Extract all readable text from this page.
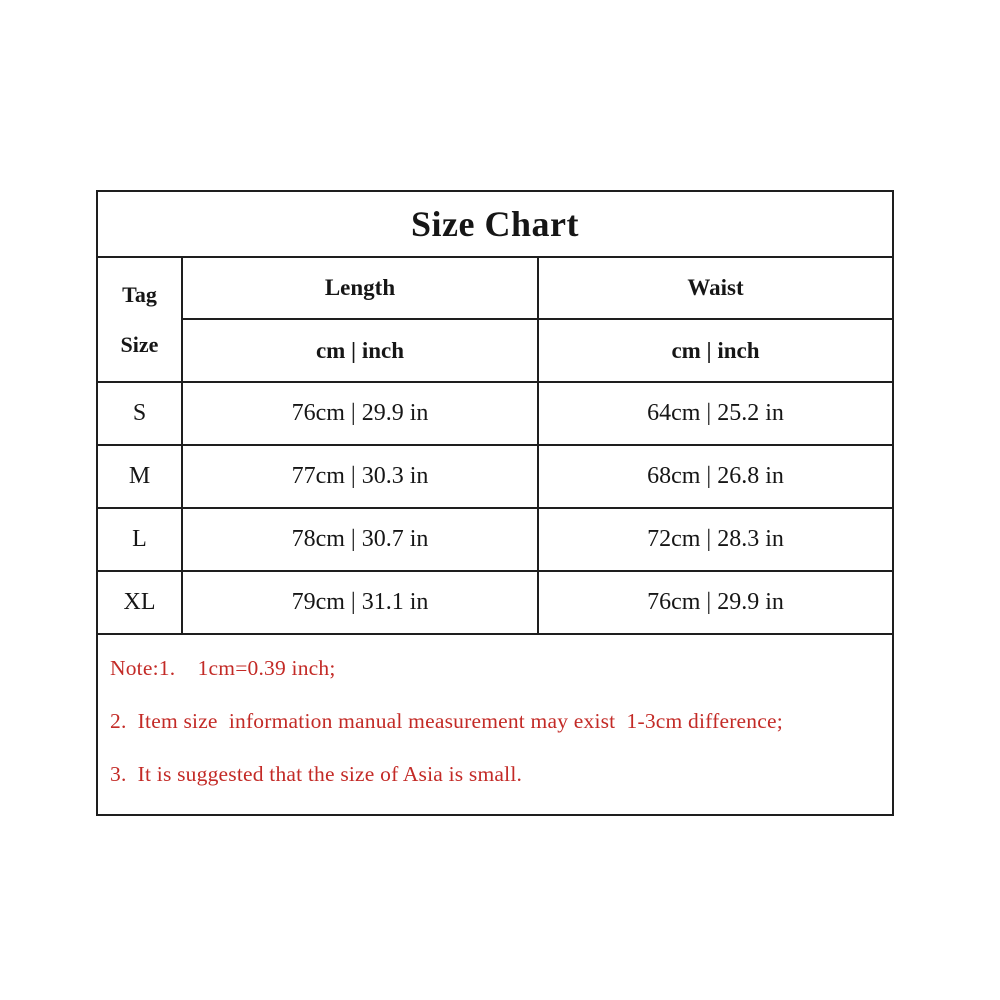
Size Chart		

Tag
Size	Length	Waist
	cm | inch	cm | inch
S	76cm | 29.9 in	64cm | 25.2 in
M	77cm | 30.3 in	68cm | 26.8 in
L	78cm | 30.7 in	72cm | 28.3 in
XL	79cm | 31.1 in	76cm | 29.9 in

Note:1.    1cm=0.39 inch;
2.  Item size  information manual measurement may exist  1-3cm difference;
3.  It is suggested that the size of Asia is small.		
